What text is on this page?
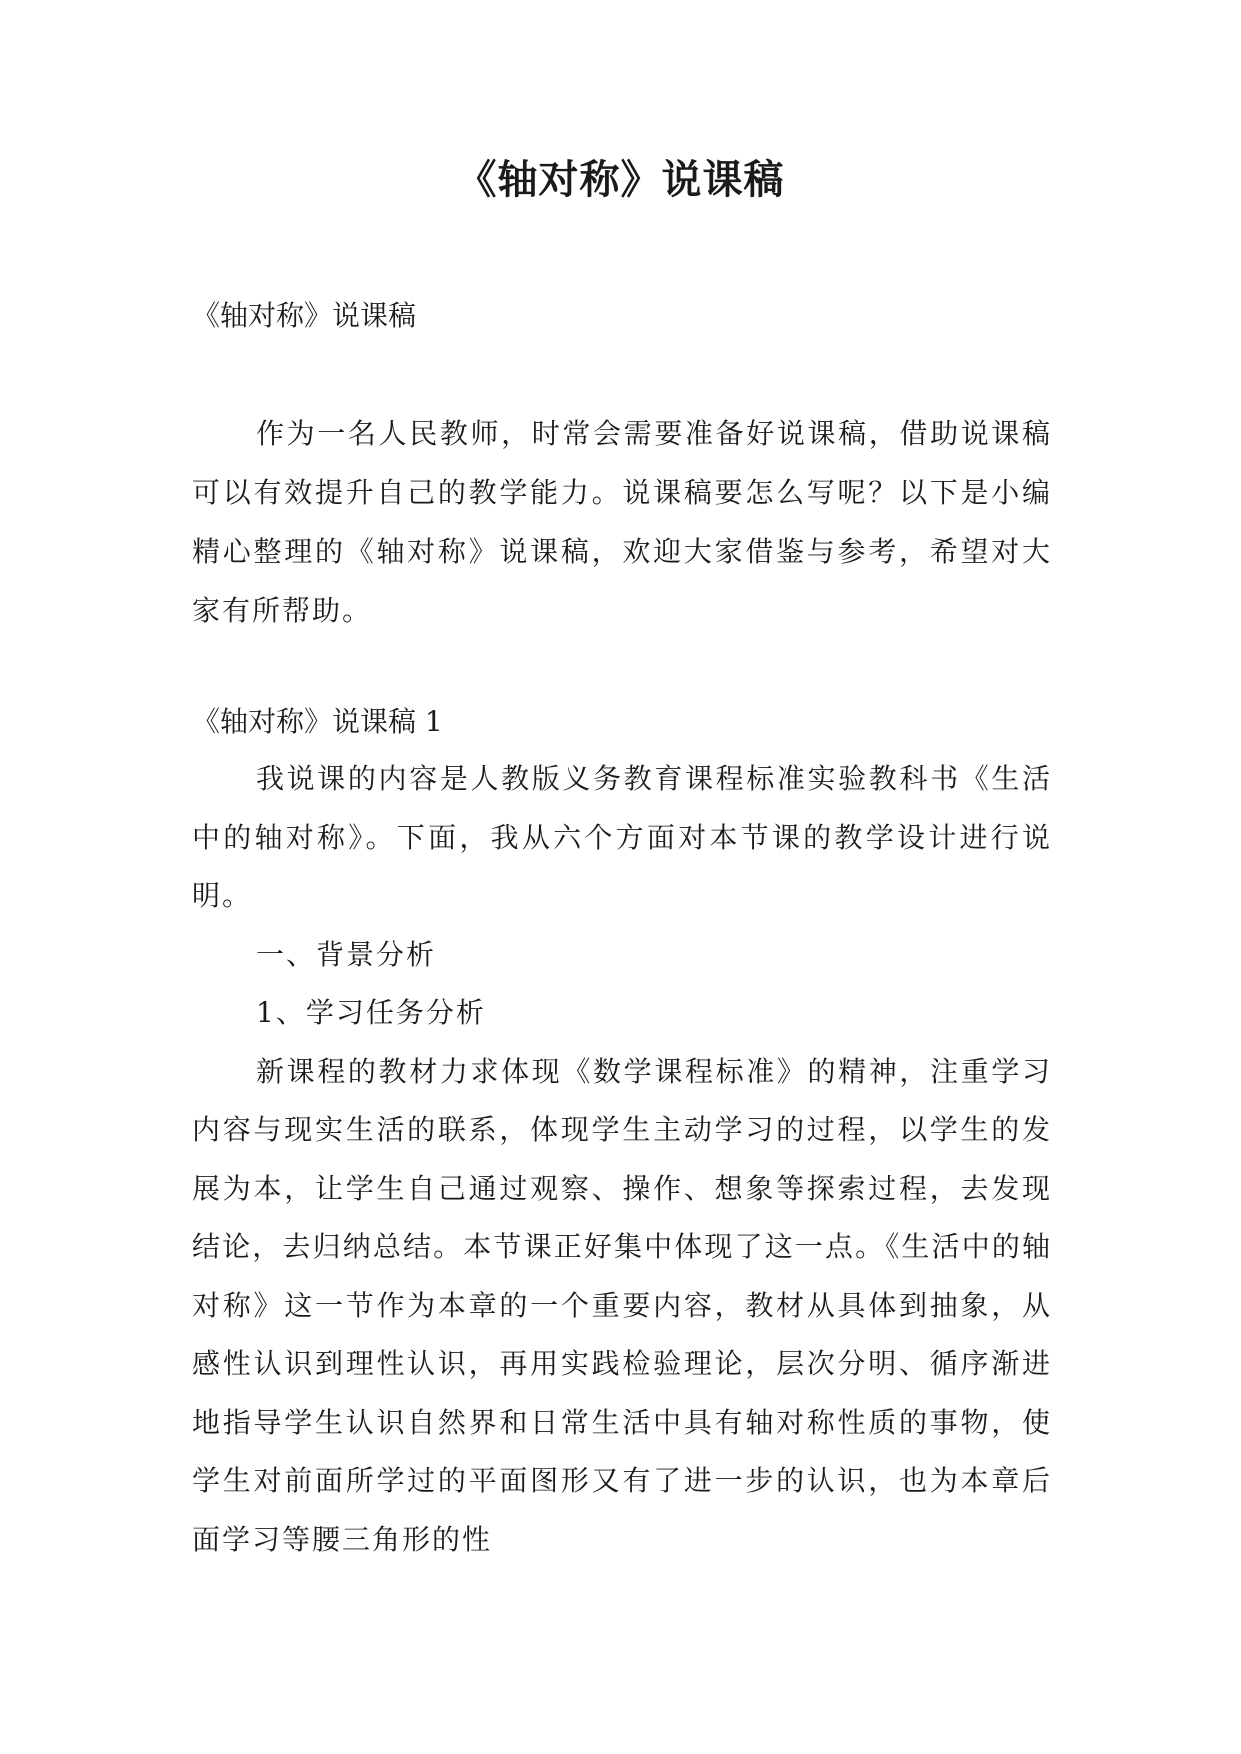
《轴对称》说课稿

《轴对称》说课稿

作为一名人民教师，时常会需要准备好说课稿，借助说课稿可以有效提升自己的教学能力。说课稿要怎么写呢？以下是小编精心整理的《轴对称》说课稿，欢迎大家借鉴与参考，希望对大家有所帮助。

《轴对称》说课稿 1

我说课的内容是人教版义务教育课程标准实验教科书《生活中的轴对称》。下面，我从六个方面对本节课的教学设计进行说明。

一、背景分析

1、学习任务分析

新课程的教材力求体现《数学课程标准》的精神，注重学习内容与现实生活的联系，体现学生主动学习的过程，以学生的发展为本，让学生自己通过观察、操作、想象等探索过程，去发现结论，去归纳总结。本节课正好集中体现了这一点。《生活中的轴对称》这一节作为本章的一个重要内容，教材从具体到抽象，从感性认识到理性认识，再用实践检验理论，层次分明、循序渐进地指导学生认识自然界和日常生活中具有轴对称性质的事物，使学生对前面所学过的平面图形又有了进一步的认识，也为本章后面学习等腰三角形的性
